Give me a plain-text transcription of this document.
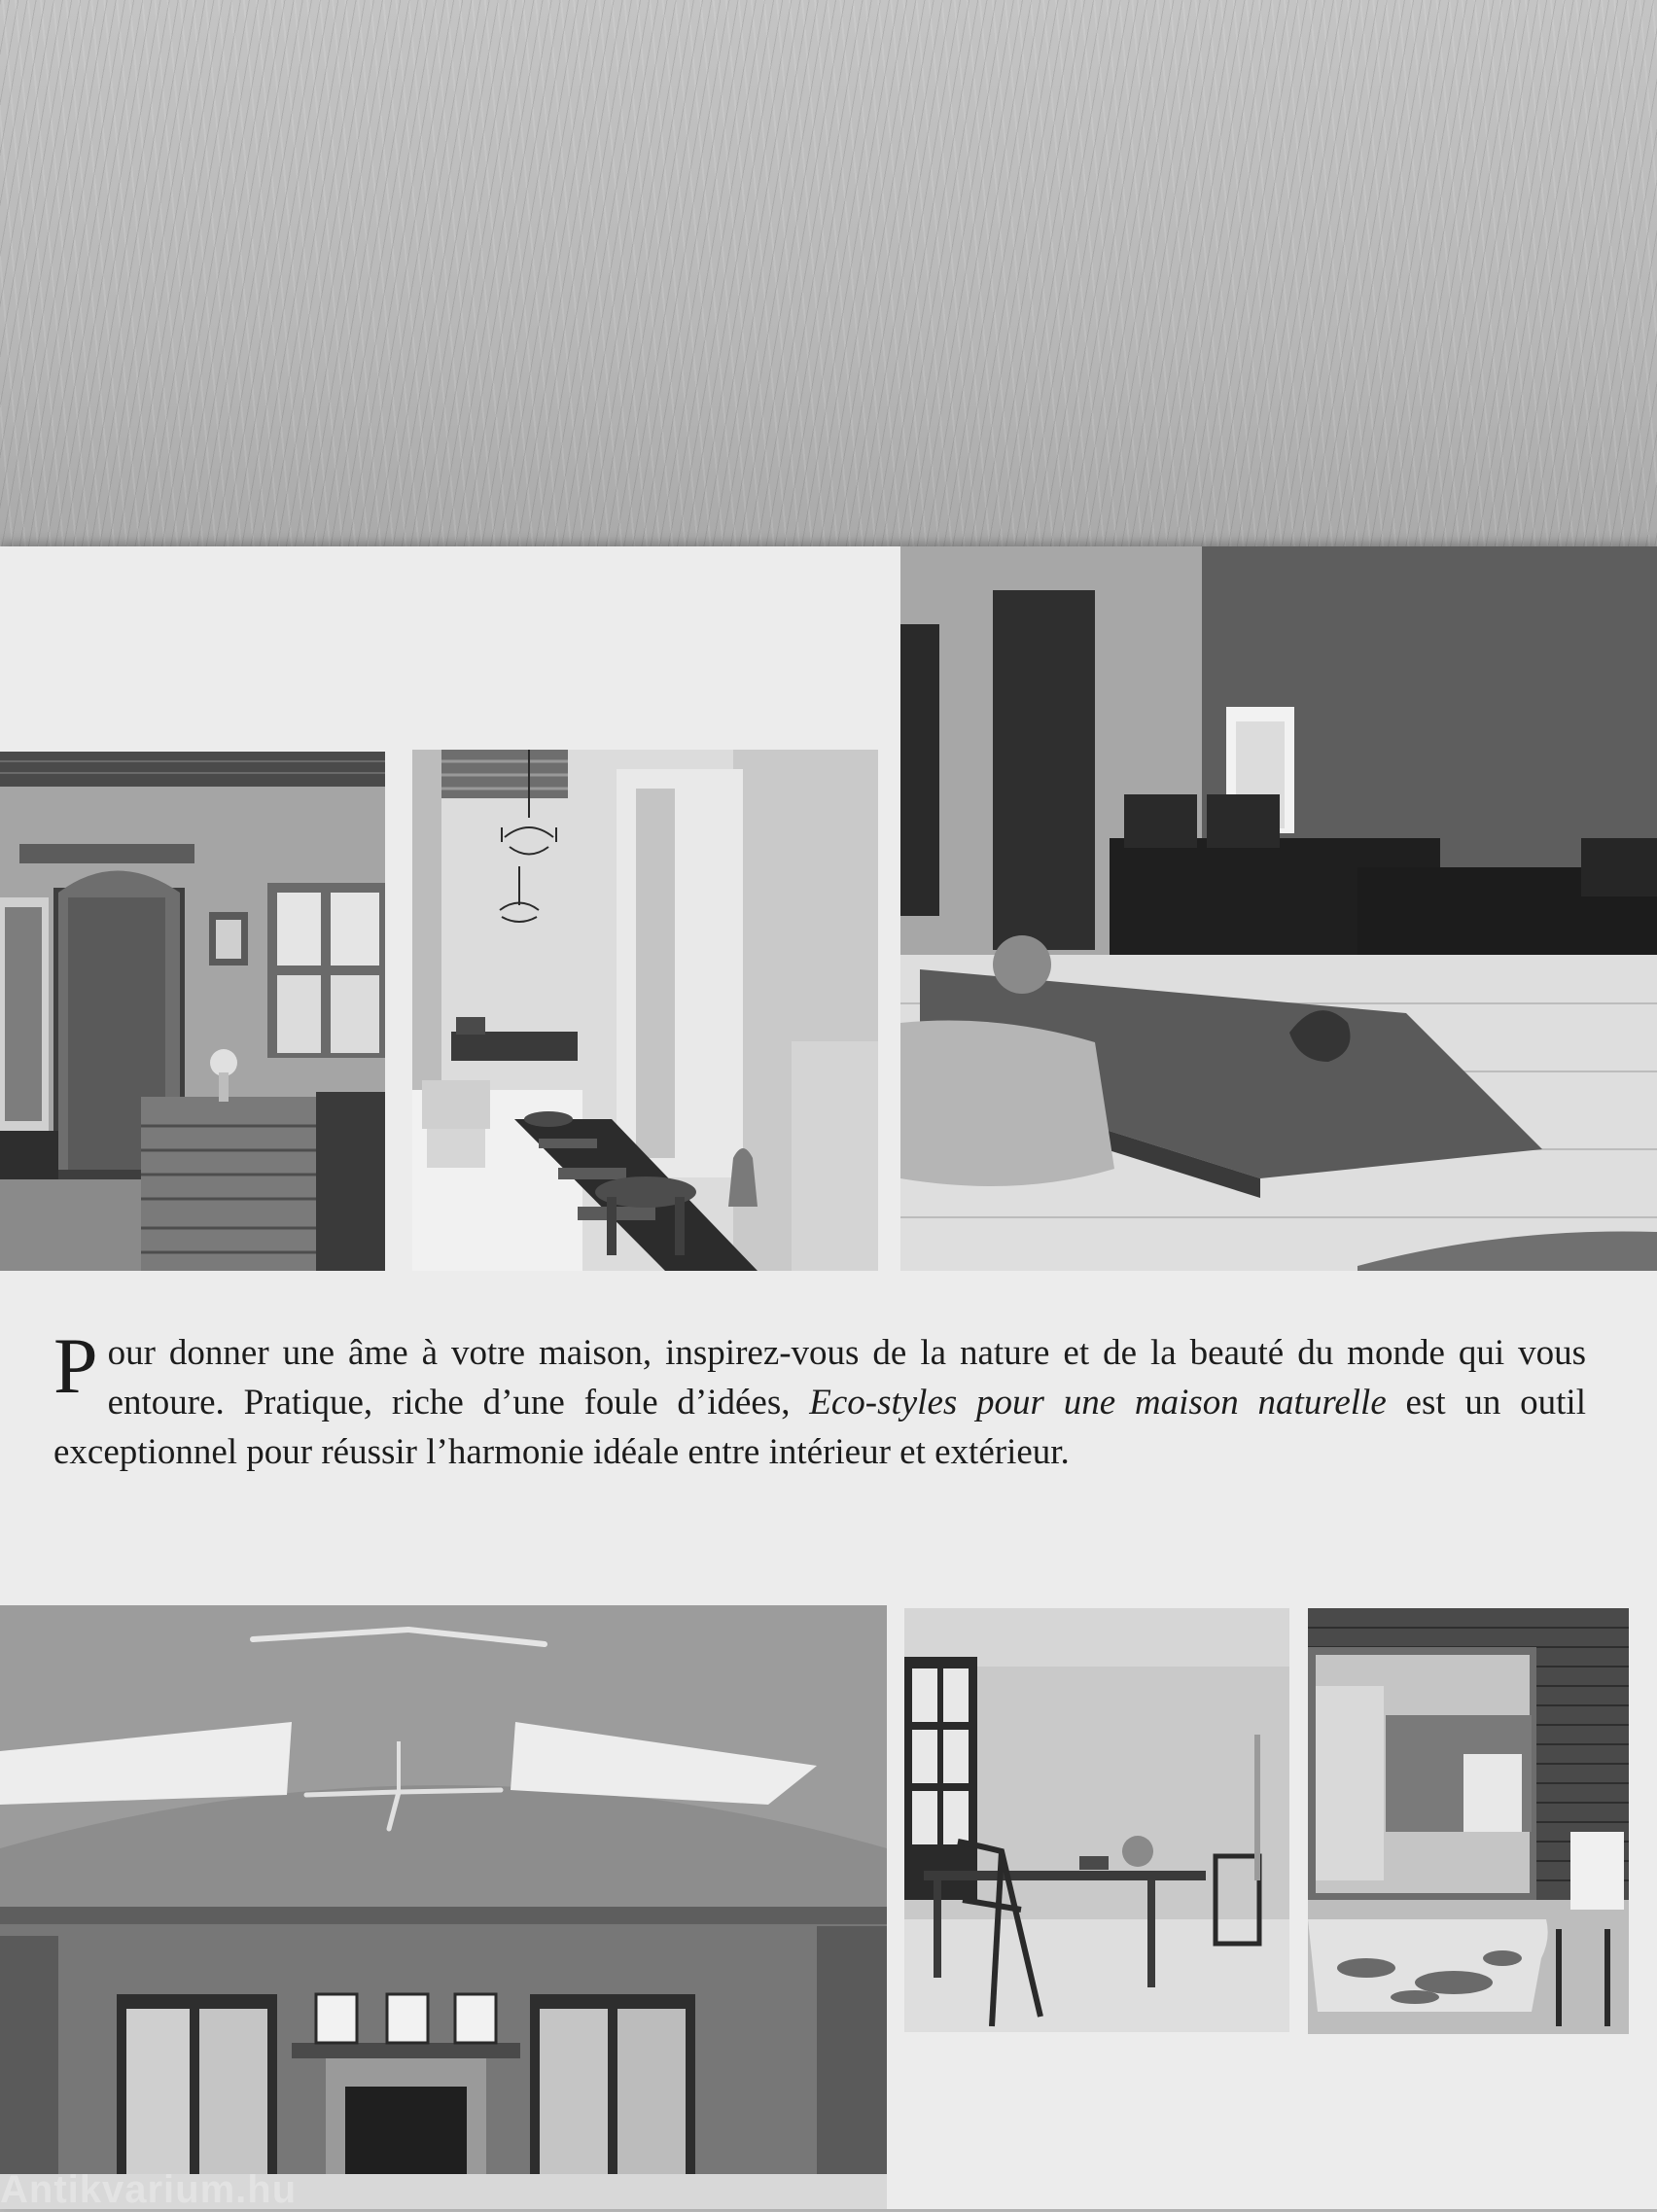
Pour donner une âme à votre maison, inspirez-vous de la nature et de la beauté du monde qui vous entoure. Pratique, riche d’une foule d’idées, Eco-styles pour une maison naturelle est un outil exceptionnel pour réussir l’harmonie idéale entre intérieur et extérieur.

Antikvarium.hu
